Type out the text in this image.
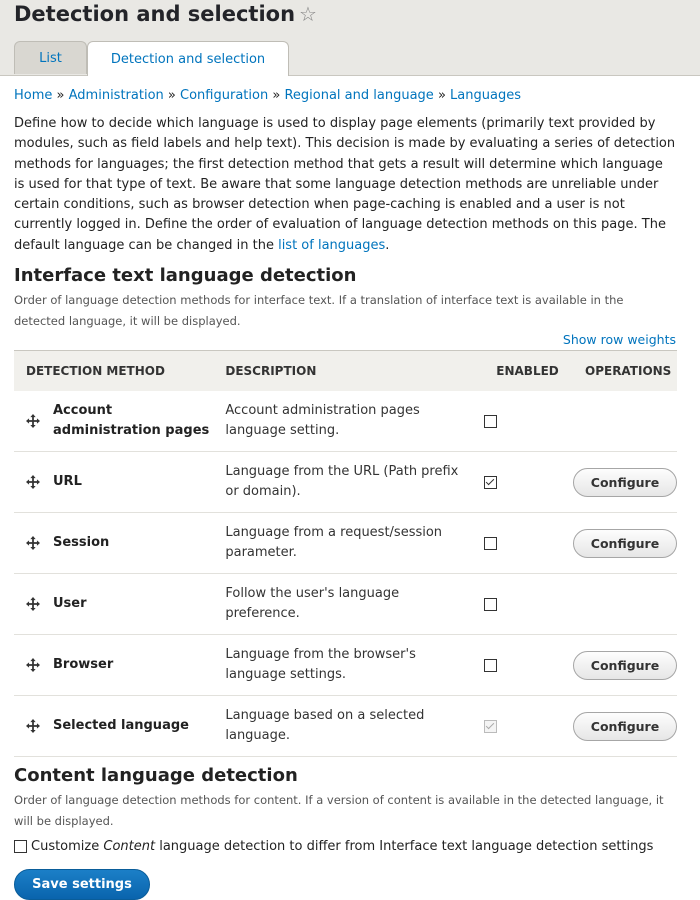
Detection and selection ☆
List	Detection and selection
Home » Administration » Configuration » Regional and language » Languages

Define how to decide which language is used to display page elements (primarily text provided by modules, such as field labels and help text). This decision is made by evaluating a series of detection methods for languages; the first detection method that gets a result will determine which language is used for that type of text. Be aware that some language detection methods are unreliable under certain conditions, such as browser detection when page-caching is enabled and a user is not currently logged in. Define the order of evaluation of language detection methods on this page. The default language can be changed in the list of languages.

Interface text language detection

Order of language detection methods for interface text. If a translation of interface text is available in the detected language, it will be displayed.

Show row weights
DETECTION METHOD	DESCRIPTION	ENABLED	OPERATIONS

Account administration pages	Account administration pages language setting.		

URL	Language from the URL (Path prefix or domain).		Configure

Session	Language from a request/session parameter.		Configure

User	Follow the user's language preference.		

Browser	Language from the browser's language settings.		Configure

Selected language	Language based on a selected language.		Configure
Content language detection

Order of language detection methods for content. If a version of content is available in the detected language, it will be displayed.

Customize Content language detection to differ from Interface text language detection settings
Save settings
